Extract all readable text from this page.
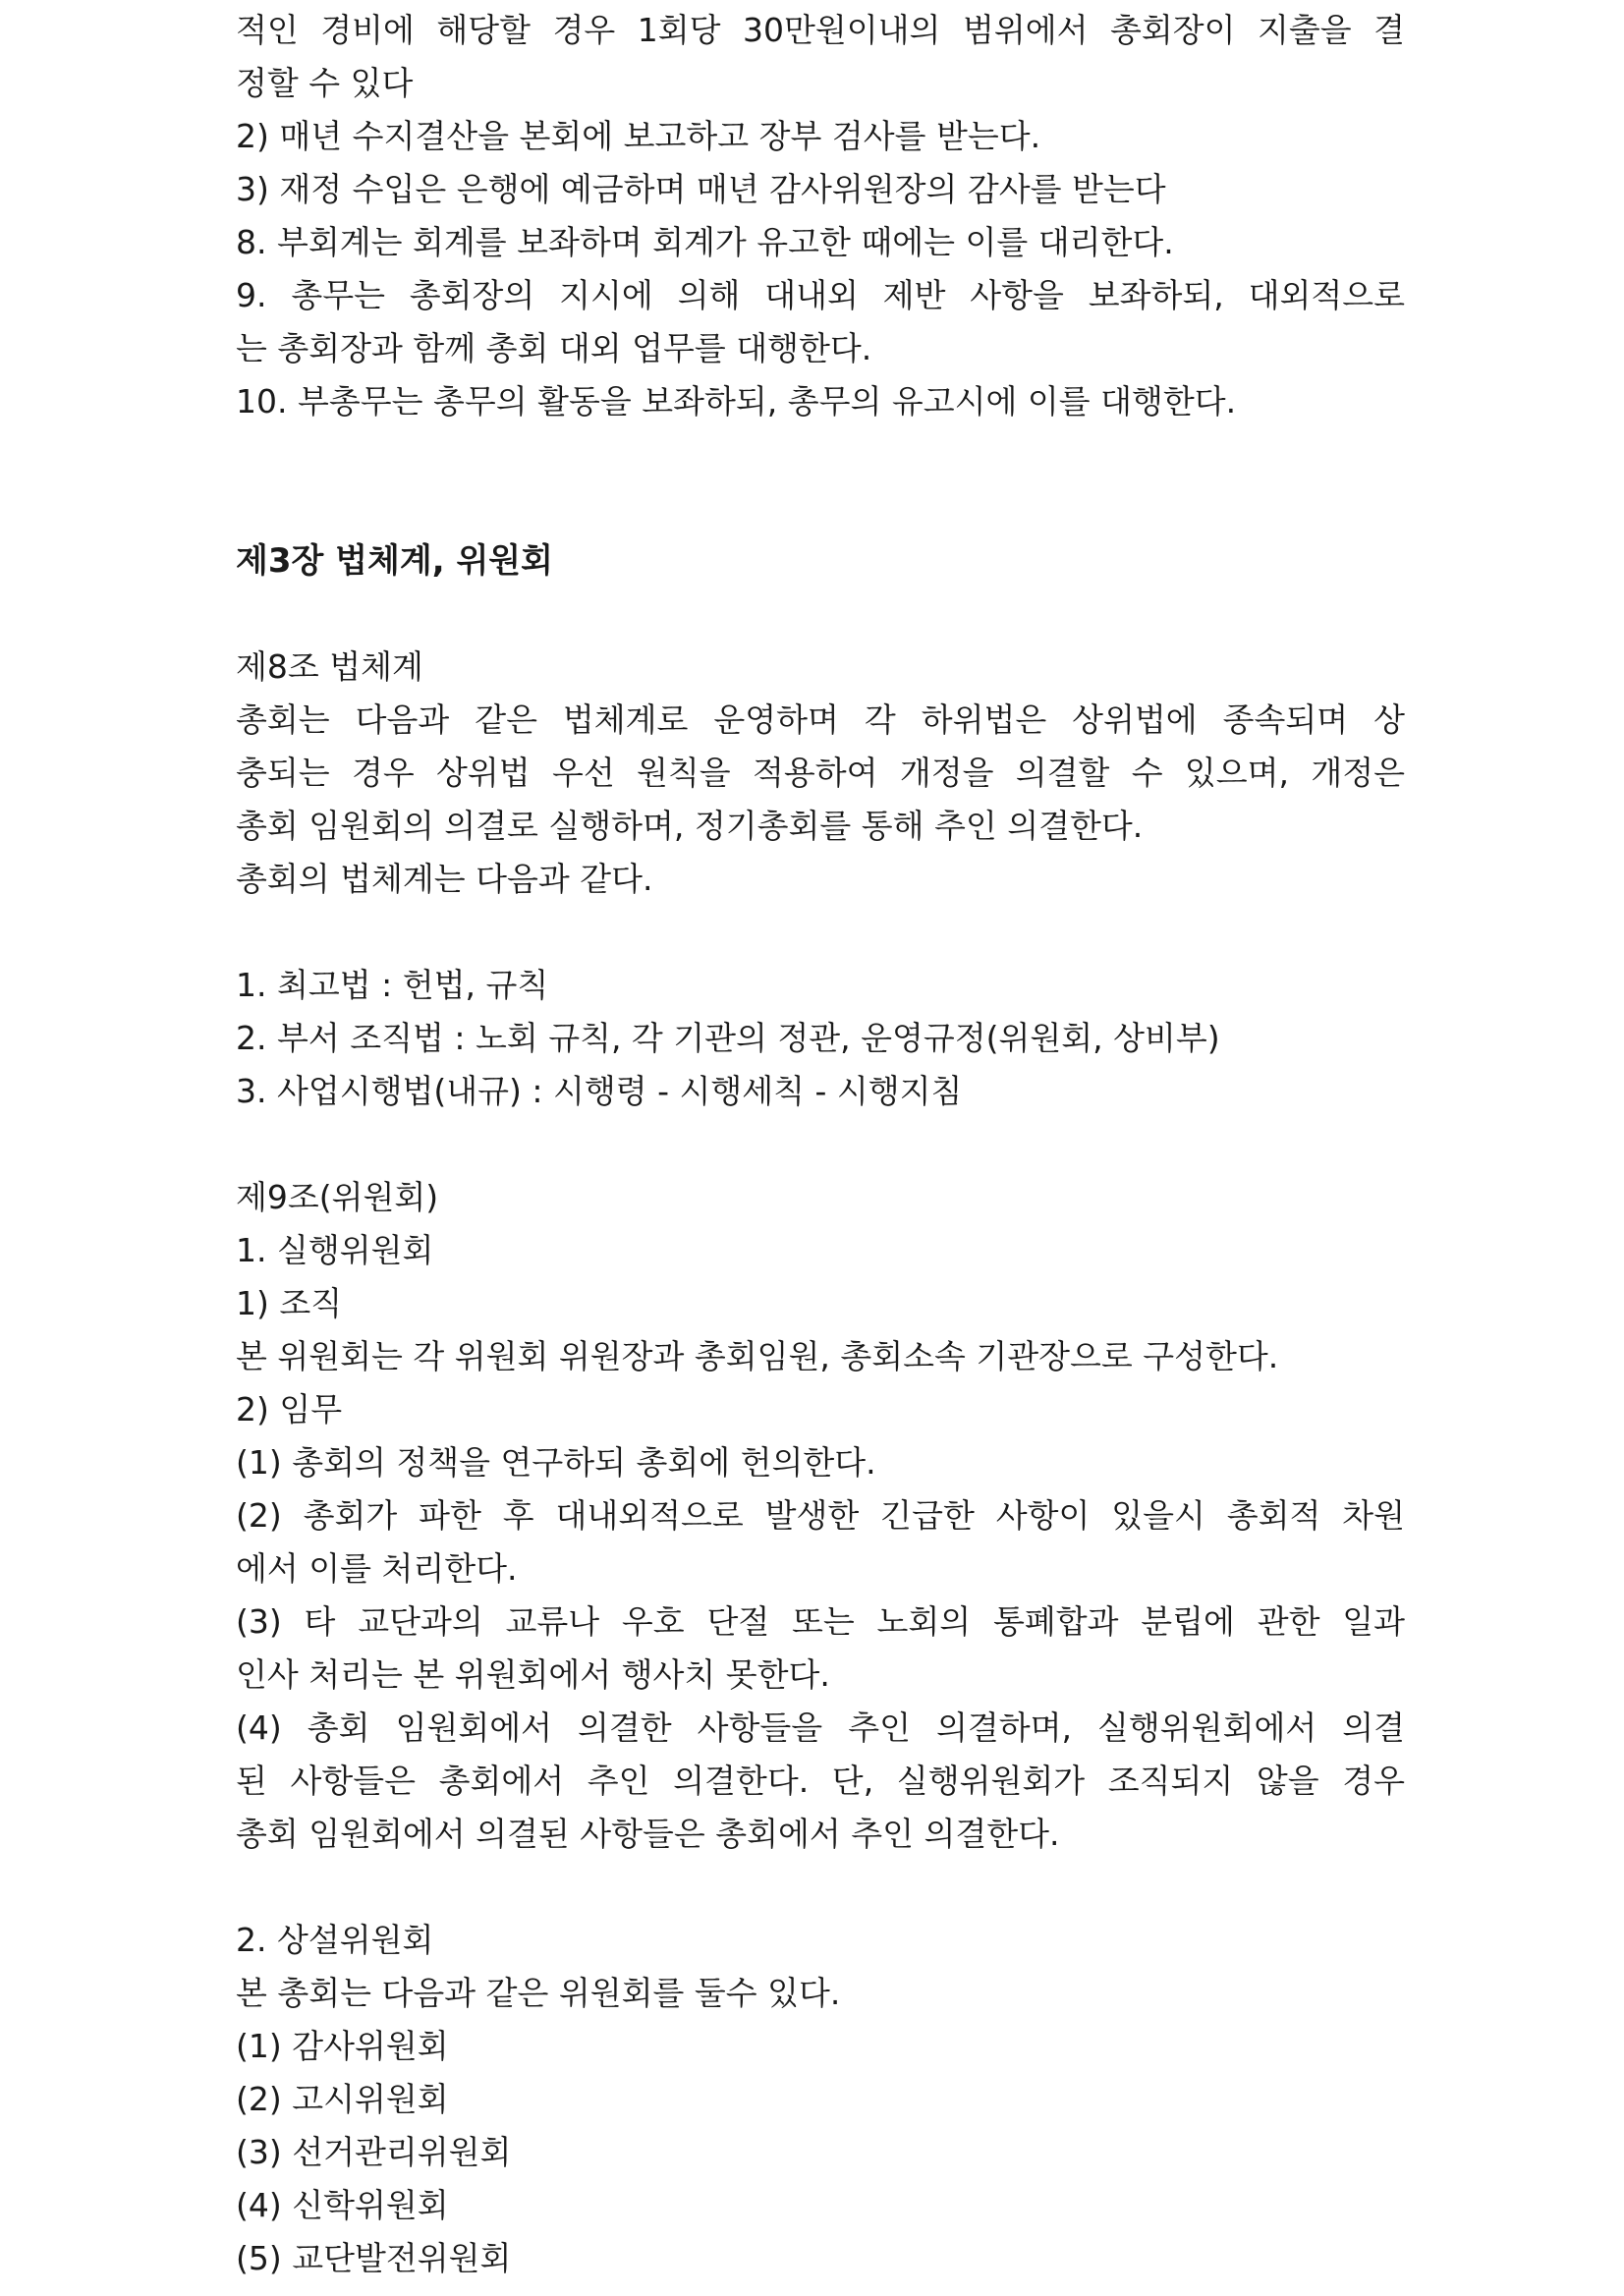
적인 경비에 해당할 경우 1회당 30만원이내의 범위에서 총회장이 지출을 결

정할 수 있다

2) 매년 수지결산을 본회에 보고하고 장부 검사를 받는다.

3) 재정 수입은 은행에 예금하며 매년 감사위원장의 감사를 받는다

8. 부회계는 회계를 보좌하며 회계가 유고한 때에는 이를 대리한다.

9. 총무는 총회장의 지시에 의해 대내외 제반 사항을 보좌하되, 대외적으로

는 총회장과 함께 총회 대외 업무를 대행한다.

10. 부총무는 총무의 활동을 보좌하되, 총무의 유고시에 이를 대행한다.

제3장 법체계, 위원회

제8조 법체계

총회는 다음과 같은 법체계로 운영하며 각 하위법은 상위법에 종속되며 상

충되는 경우 상위법 우선 원칙을 적용하여 개정을 의결할 수 있으며, 개정은

총회 임원회의 의결로 실행하며, 정기총회를 통해 추인 의결한다.

총회의 법체계는 다음과 같다.

1. 최고법 : 헌법, 규칙

2. 부서 조직법 : 노회 규칙, 각 기관의 정관, 운영규정(위원회, 상비부)

3. 사업시행법(내규) : 시행령 - 시행세칙 - 시행지침

제9조(위원회)

1. 실행위원회

1) 조직

본 위원회는 각 위원회 위원장과 총회임원, 총회소속 기관장으로 구성한다.

2) 임무

(1) 총회의 정책을 연구하되 총회에 헌의한다.

(2) 총회가 파한 후 대내외적으로 발생한 긴급한 사항이 있을시 총회적 차원

에서 이를 처리한다.

(3) 타 교단과의 교류나 우호 단절 또는 노회의 통폐합과 분립에 관한 일과

인사 처리는 본 위원회에서 행사치 못한다.

(4) 총회 임원회에서 의결한 사항들을 추인 의결하며, 실행위원회에서 의결

된 사항들은 총회에서 추인 의결한다. 단, 실행위원회가 조직되지 않을 경우

총회 임원회에서 의결된 사항들은 총회에서 추인 의결한다.

2. 상설위원회

본 총회는 다음과 같은 위원회를 둘수 있다.

(1) 감사위원회

(2) 고시위원회

(3) 선거관리위원회

(4) 신학위원회

(5) 교단발전위원회
